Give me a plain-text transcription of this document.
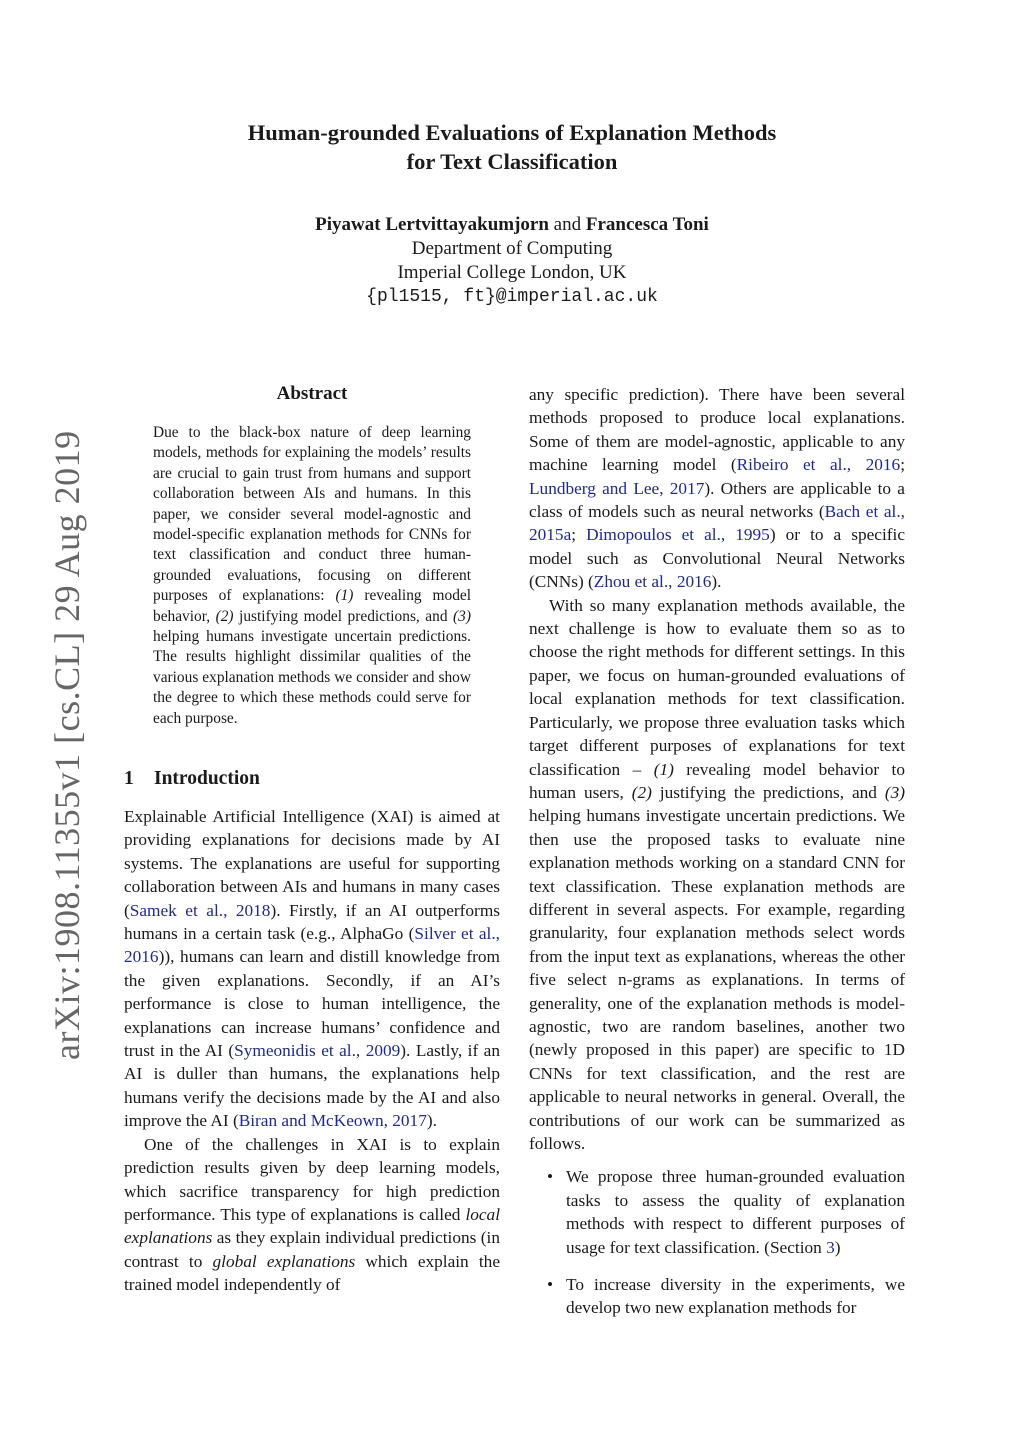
Human-grounded Evaluations of Explanation Methods
for Text Classification
Piyawat Lertvittayakumjorn and Francesca Toni
Department of Computing
Imperial College London, UK
{pl1515, ft}@imperial.ac.uk
arXiv:1908.11355v1 [cs.CL] 29 Aug 2019
Abstract
Due to the black-box nature of deep learning models, methods for explaining the models’ results are crucial to gain trust from humans and support collaboration between AIs and humans. In this paper, we consider several model-agnostic and model-specific explanation methods for CNNs for text classification and conduct three human-grounded evaluations, focusing on different purposes of explanations: (1) revealing model behavior, (2) justifying model predictions, and (3) helping humans investigate uncertain predictions. The results highlight dissimilar qualities of the various explanation methods we consider and show the degree to which these methods could serve for each purpose.
1 Introduction

Explainable Artificial Intelligence (XAI) is aimed at providing explanations for decisions made by AI systems. The explanations are useful for supporting collaboration between AIs and humans in many cases (Samek et al., 2018). Firstly, if an AI outperforms humans in a certain task (e.g., AlphaGo (Silver et al., 2016)), humans can learn and distill knowledge from the given explanations. Secondly, if an AI’s performance is close to human intelligence, the explanations can increase humans’ confidence and trust in the AI (Symeonidis et al., 2009). Lastly, if an AI is duller than humans, the explanations help humans verify the decisions made by the AI and also improve the AI (Biran and McKeown, 2017).

One of the challenges in XAI is to explain prediction results given by deep learning models, which sacrifice transparency for high prediction performance. This type of explanations is called local explanations as they explain individual predictions (in contrast to global explanations which explain the trained model independently of

any specific prediction). There have been several methods proposed to produce local explanations. Some of them are model-agnostic, applicable to any machine learning model (Ribeiro et al., 2016; Lundberg and Lee, 2017). Others are applicable to a class of models such as neural networks (Bach et al., 2015a; Dimopoulos et al., 1995) or to a specific model such as Convolutional Neural Networks (CNNs) (Zhou et al., 2016).

With so many explanation methods available, the next challenge is how to evaluate them so as to choose the right methods for different settings. In this paper, we focus on human-grounded evaluations of local explanation methods for text classification. Particularly, we propose three evaluation tasks which target different purposes of explanations for text classification – (1) revealing model behavior to human users, (2) justifying the predictions, and (3) helping humans investigate uncertain predictions. We then use the proposed tasks to evaluate nine explanation methods working on a standard CNN for text classification. These explanation methods are different in several aspects. For example, regarding granularity, four explanation methods select words from the input text as explanations, whereas the other five select n-grams as explanations. In terms of generality, one of the explanation methods is model-agnostic, two are random baselines, another two (newly proposed in this paper) are specific to 1D CNNs for text classification, and the rest are applicable to neural networks in general. Overall, the contributions of our work can be summarized as follows.

• We propose three human-grounded evaluation tasks to assess the quality of explanation methods with respect to different purposes of usage for text classification. (Section 3)
• To increase diversity in the experiments, we develop two new explanation methods for
